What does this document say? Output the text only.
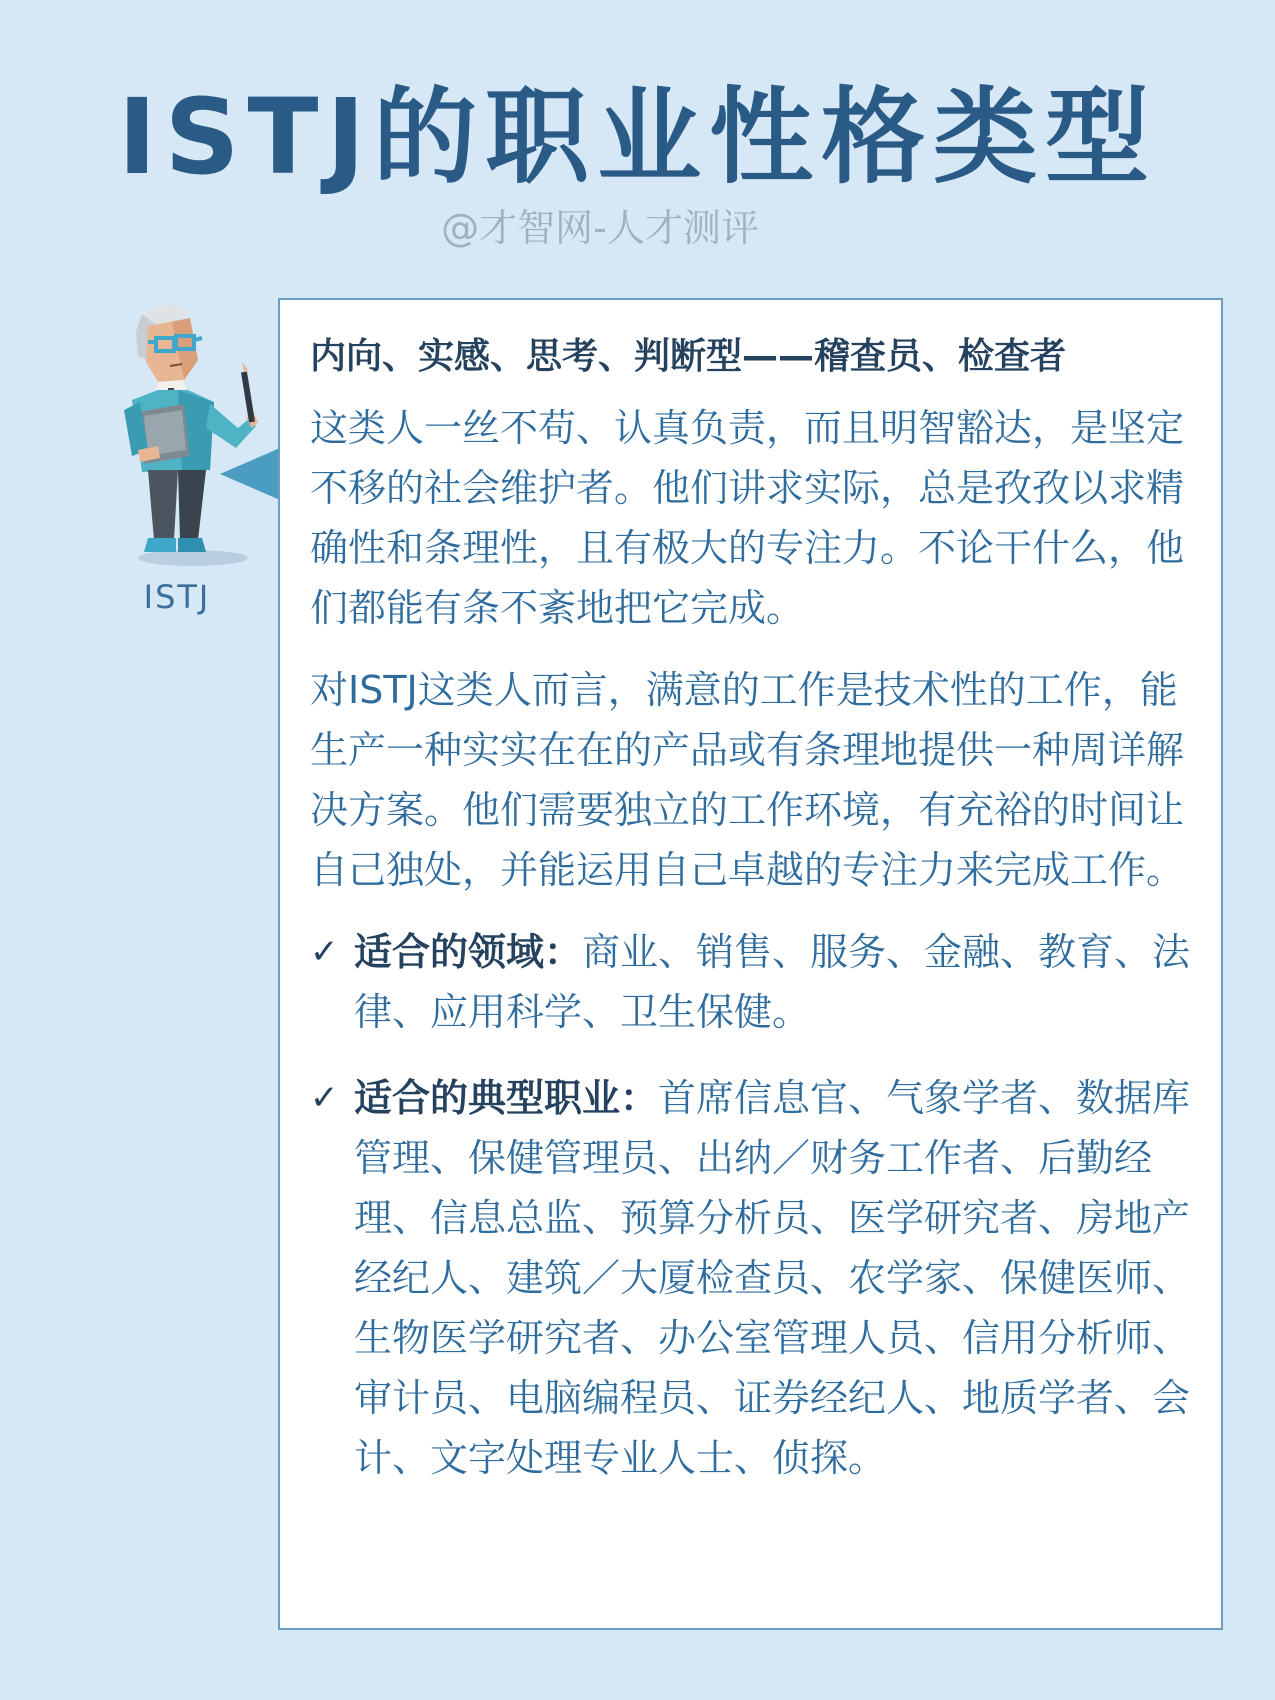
ISTJ的职业性格类型
@才智网-人才测评
ISTJ
内向、实感、思考、判断型——稽查员、检查者

这类人一丝不苟、认真负责，而且明智豁达，是坚定不移的社会维护者。他们讲求实际，总是孜孜以求精确性和条理性，且有极大的专注力。不论干什么，他们都能有条不紊地把它完成。

对ISTJ这类人而言，满意的工作是技术性的工作，能生产一种实实在在的产品或有条理地提供一种周详解决方案。他们需要独立的工作环境，有充裕的时间让自己独处，并能运用自己卓越的专注力来完成工作。

✓ 适合的领域：商业、销售、服务、金融、教育、法律、应用科学、卫生保健。
✓ 适合的典型职业：首席信息官、气象学者、数据库管理、保健管理员、出纳／财务工作者、后勤经理、信息总监、预算分析员、医学研究者、房地产经纪人、建筑／大厦检查员、农学家、保健医师、生物医学研究者、办公室管理人员、信用分析师、审计员、电脑编程员、证券经纪人、地质学者、会计、文字处理专业人士、侦探。
